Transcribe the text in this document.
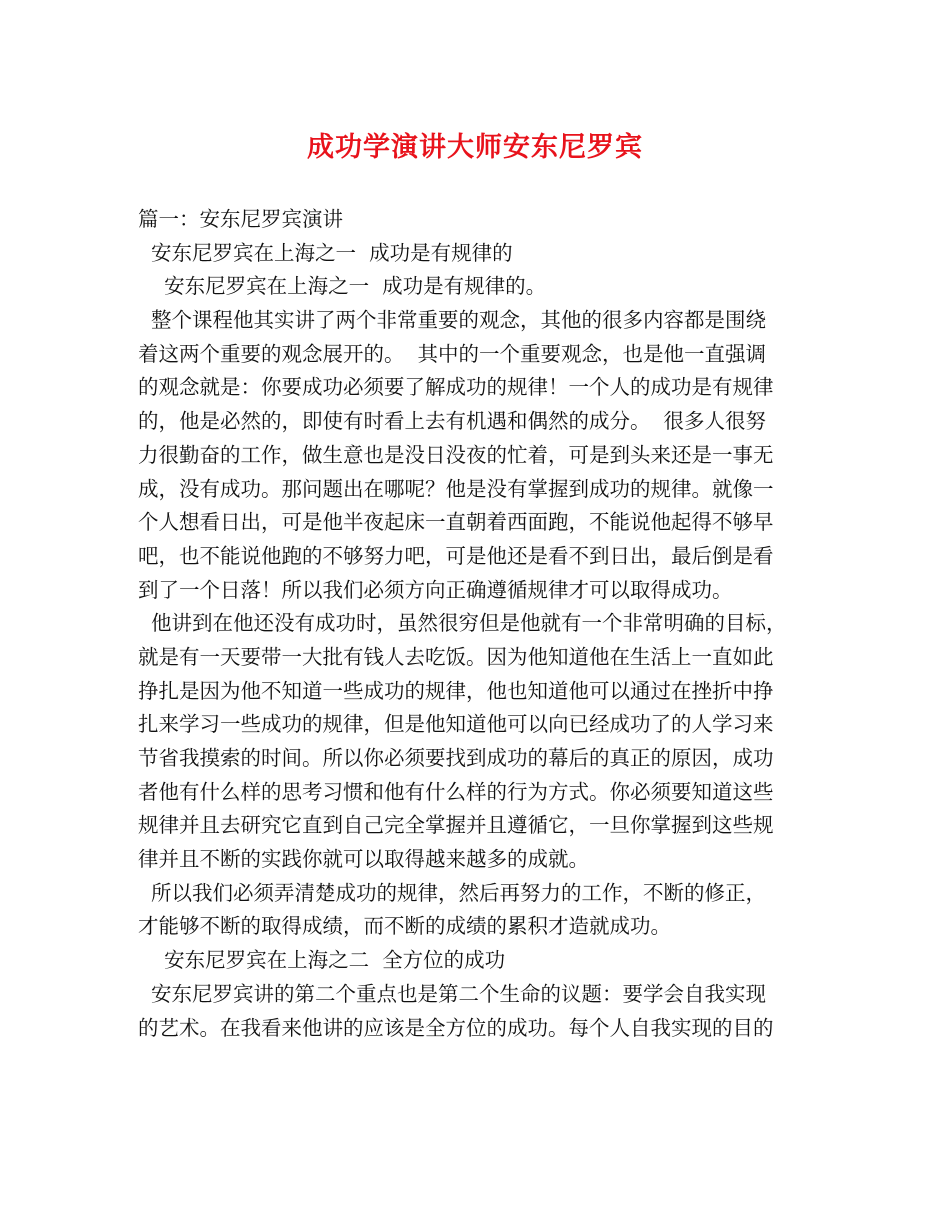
成功学演讲大师安东尼罗宾
篇一：安东尼罗宾演讲
安东尼罗宾在上海之一  成功是有规律的
安东尼罗宾在上海之一  成功是有规律的。
整个课程他其实讲了两个非常重要的观念，其他的很多内容都是围绕
着这两个重要的观念展开的。  其中的一个重要观念，也是他一直强调
的观念就是：你要成功必须要了解成功的规律！一个人的成功是有规律
的，他是必然的，即使有时看上去有机遇和偶然的成分。  很多人很努
力很勤奋的工作，做生意也是没日没夜的忙着，可是到头来还是一事无
成，没有成功。那问题出在哪呢？他是没有掌握到成功的规律。就像一
个人想看日出，可是他半夜起床一直朝着西面跑，不能说他起得不够早
吧，也不能说他跑的不够努力吧，可是他还是看不到日出，最后倒是看
到了一个日落！所以我们必须方向正确遵循规律才可以取得成功。
他讲到在他还没有成功时，虽然很穷但是他就有一个非常明确的目标，
就是有一天要带一大批有钱人去吃饭。因为他知道他在生活上一直如此
挣扎是因为他不知道一些成功的规律，他也知道他可以通过在挫折中挣
扎来学习一些成功的规律，但是他知道他可以向已经成功了的人学习来
节省我摸索的时间。所以你必须要找到成功的幕后的真正的原因，成功
者他有什么样的思考习惯和他有什么样的行为方式。你必须要知道这些
规律并且去研究它直到自己完全掌握并且遵循它，一旦你掌握到这些规
律并且不断的实践你就可以取得越来越多的成就。
所以我们必须弄清楚成功的规律，然后再努力的工作，不断的修正，
才能够不断的取得成绩，而不断的成绩的累积才造就成功。
安东尼罗宾在上海之二  全方位的成功
安东尼罗宾讲的第二个重点也是第二个生命的议题：要学会自我实现
的艺术。在我看来他讲的应该是全方位的成功。每个人自我实现的目的
